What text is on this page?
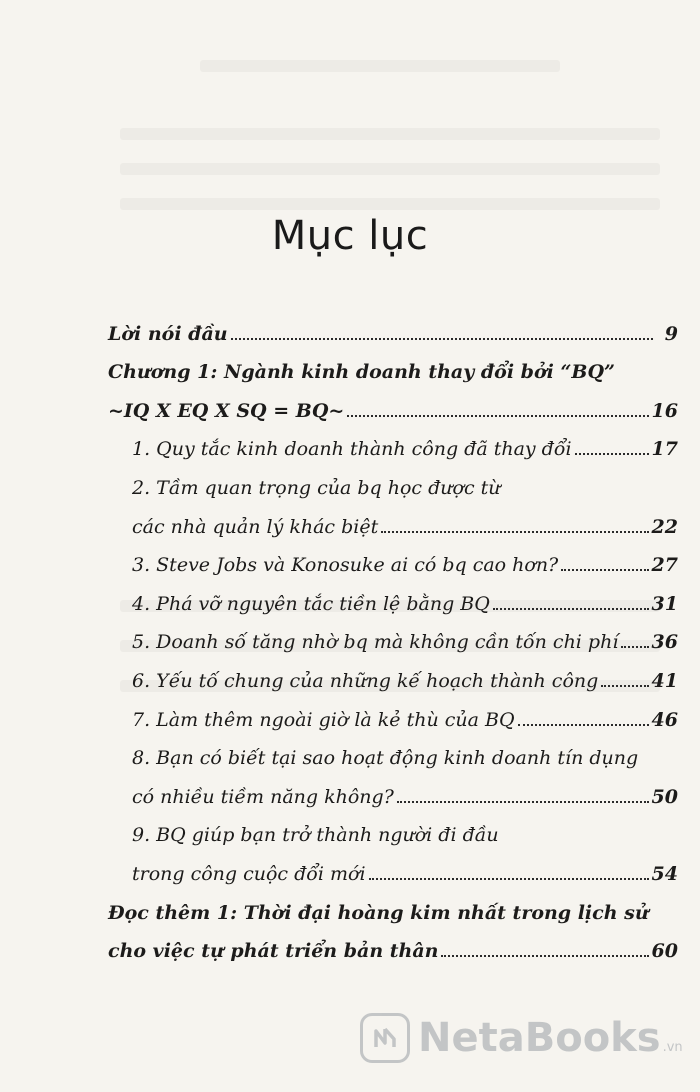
Mục lục
Lời nói đầu	9
Chương 1: Ngành kinh doanh thay đổi bởi “BQ”
~IQ X EQ X SQ = BQ~	16
1. Quy tắc kinh doanh thành công đã thay đổi	17
2. Tầm quan trọng của bq học được từ
các nhà quản lý khác biệt	22
3. Steve Jobs và Konosuke ai có bq cao hơn?	27
4. Phá vỡ nguyên tắc tiền lệ bằng BQ	31
5. Doanh số tăng nhờ bq mà không cần tốn chi phí 36
6. Yếu tố chung của những kế hoạch thành công	41
7. Làm thêm ngoài giờ là kẻ thù của BQ	46
8. Bạn có biết tại sao hoạt động kinh doanh tín dụng
có nhiều tiềm năng không?	50
9. BQ giúp bạn trở thành người đi đầu
trong công cuộc đổi mới	54
Đọc thêm 1: Thời đại hoàng kim nhất trong lịch sử
cho việc tự phát triển bản thân	60
NetaBooks .vn
